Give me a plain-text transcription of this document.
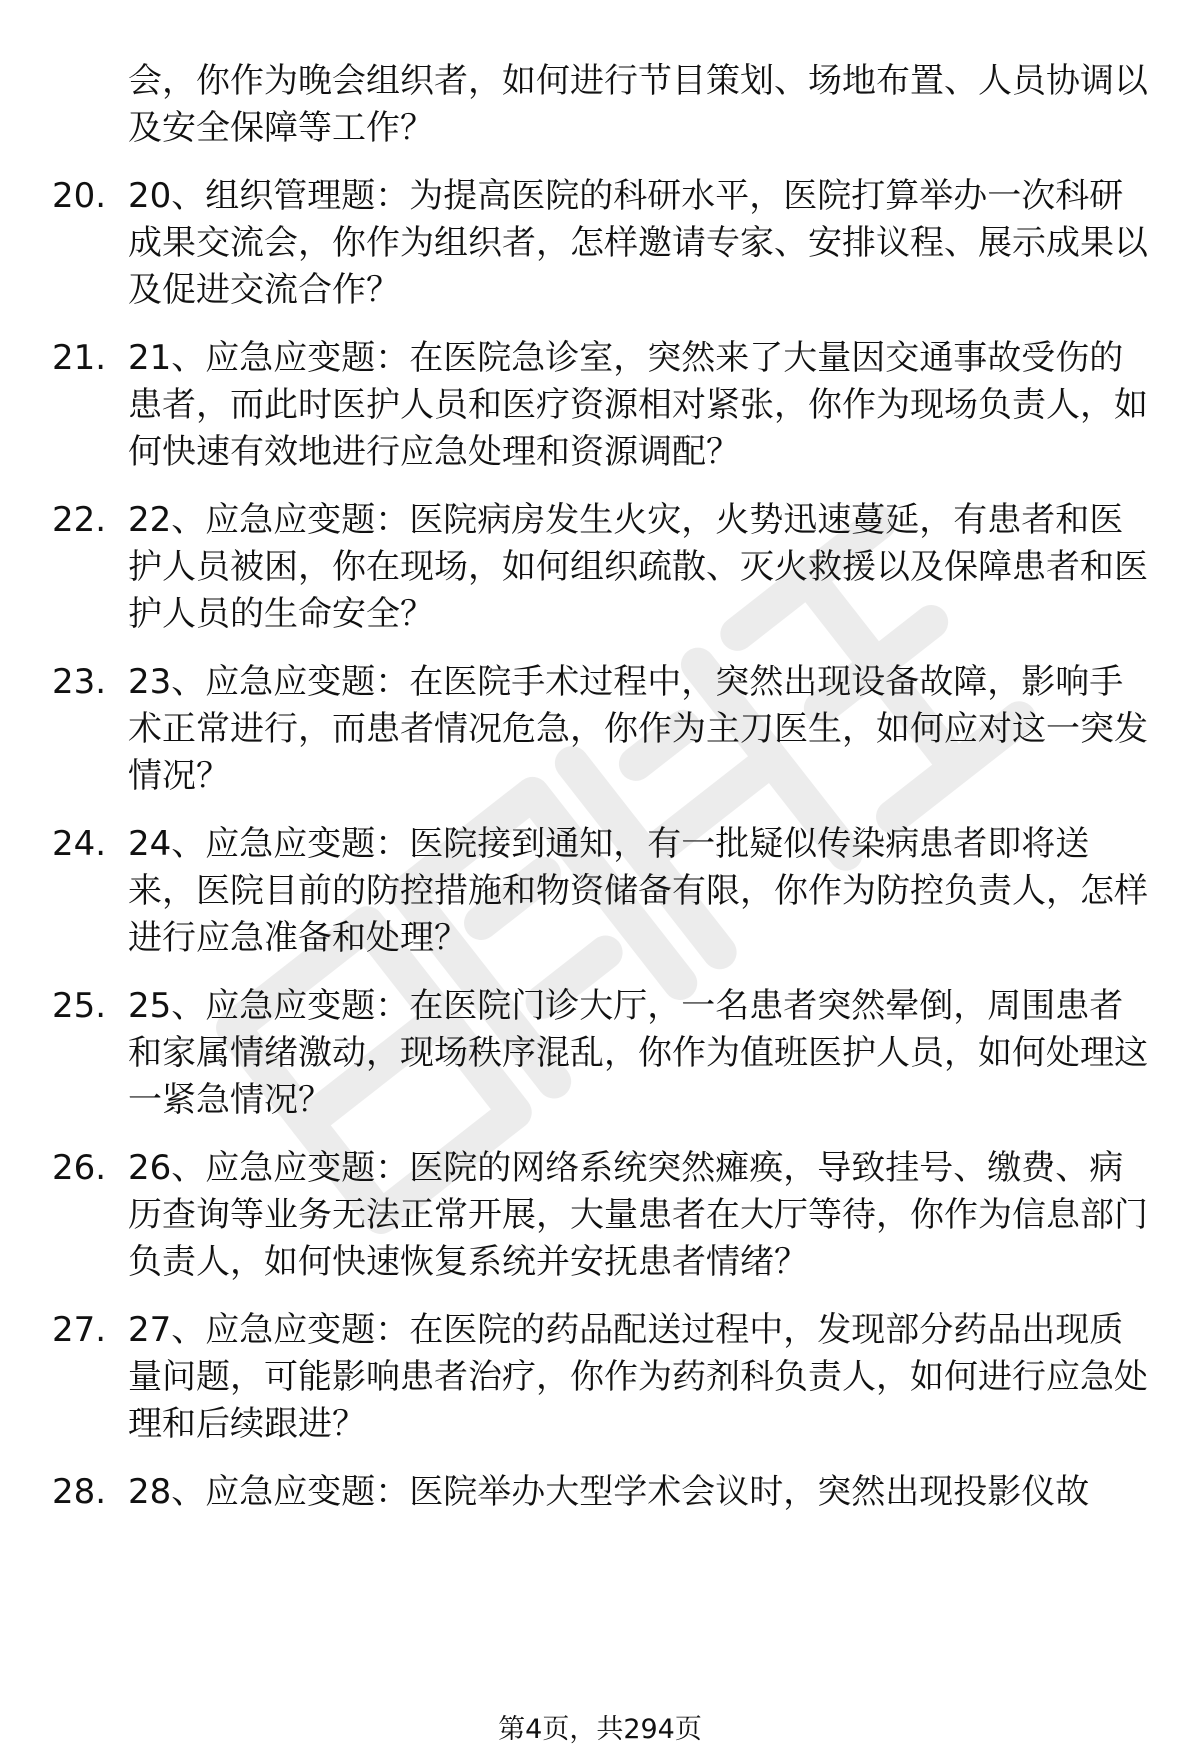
会，你作为晚会组织者，如何进行节目策划、场地布置、人员协调以及安全保障等工作？

20. 20、组织管理题：为提高医院的科研水平，医院打算举办一次科研成果交流会，你作为组织者，怎样邀请专家、安排议程、展示成果以及促进交流合作？

21. 21、应急应变题：在医院急诊室，突然来了大量因交通事故受伤的患者，而此时医护人员和医疗资源相对紧张，你作为现场负责人，如何快速有效地进行应急处理和资源调配？

22. 22、应急应变题：医院病房发生火灾，火势迅速蔓延，有患者和医护人员被困，你在现场，如何组织疏散、灭火救援以及保障患者和医护人员的生命安全？

23. 23、应急应变题：在医院手术过程中，突然出现设备故障，影响手术正常进行，而患者情况危急，你作为主刀医生，如何应对这一突发情况？

24. 24、应急应变题：医院接到通知，有一批疑似传染病患者即将送来，医院目前的防控措施和物资储备有限，你作为防控负责人，怎样进行应急准备和处理？

25. 25、应急应变题：在医院门诊大厅，一名患者突然晕倒，周围患者和家属情绪激动，现场秩序混乱，你作为值班医护人员，如何处理这一紧急情况？

26. 26、应急应变题：医院的网络系统突然瘫痪，导致挂号、缴费、病历查询等业务无法正常开展，大量患者在大厅等待，你作为信息部门负责人，如何快速恢复系统并安抚患者情绪？

27. 27、应急应变题：在医院的药品配送过程中，发现部分药品出现质量问题，可能影响患者治疗，你作为药剂科负责人，如何进行应急处理和后续跟进？

28. 28、应急应变题：医院举办大型学术会议时，突然出现投影仪故

第4页，共294页
